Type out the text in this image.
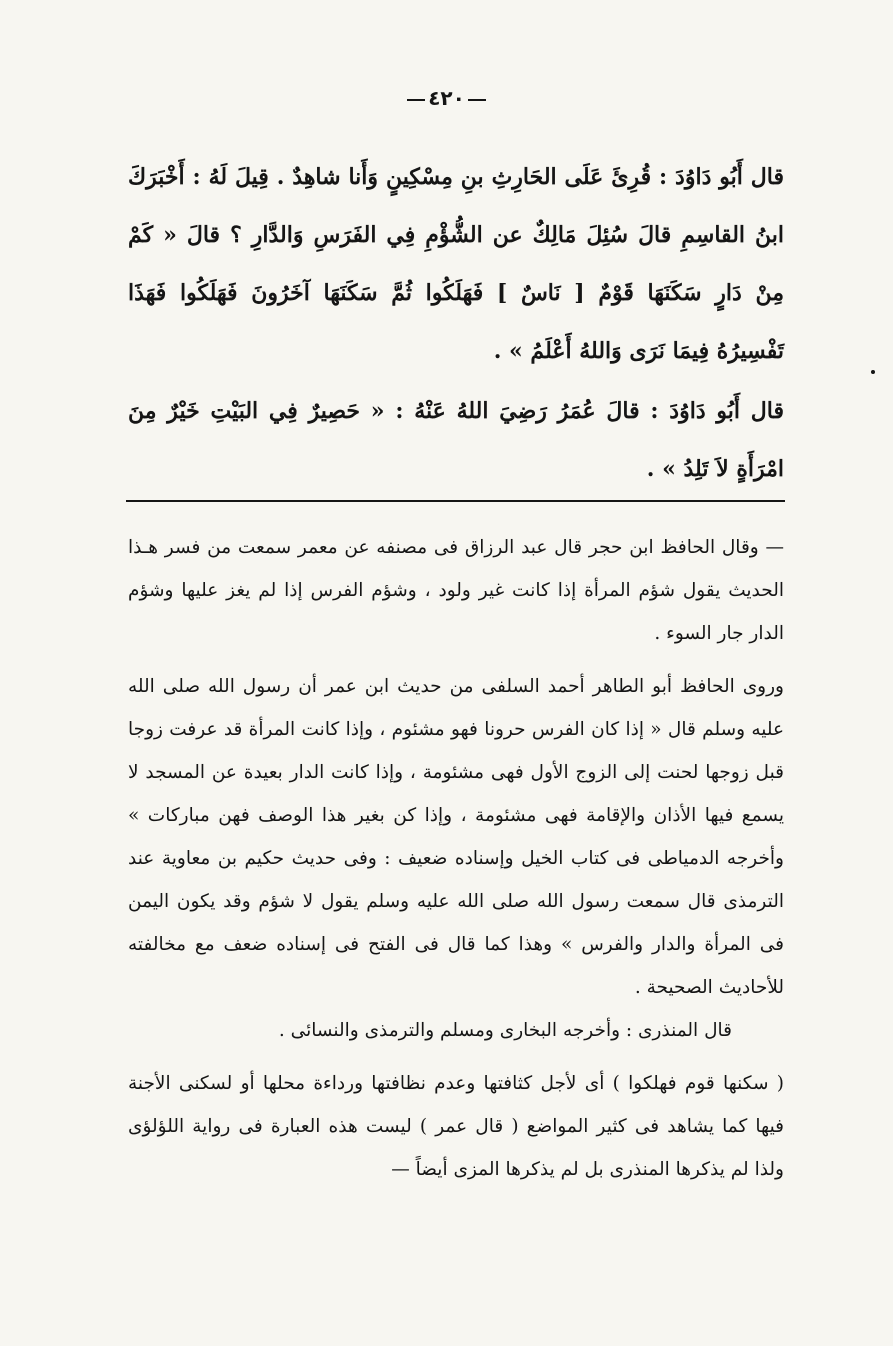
٤٢٠

قال أَبُو دَاوُدَ : قُرِئَ عَلَى الحَارِثِ بنِ مِسْكِينٍ وَأَنا شاهِدٌ . قِيلَ لَهُ : أَخْبَرَكَ ابنُ القاسِمِ قالَ سُئِلَ مَالِكٌ عن الشُّؤْمِ فِي الفَرَسِ وَالدَّارِ ؟ قالَ « كَمْ مِنْ دَارٍ سَكَنَهَا قَوْمٌ [ نَاسٌ ] فَهَلَكُوا ثُمَّ سَكَنَهَا آخَرُونَ فَهَلَكُوا فَهَذَا تَفْسِيرُهُ فِيمَا نَرَى وَاللهُ أَعْلَمُ » .

قال أَبُو دَاوُدَ : قالَ عُمَرُ رَضِيَ اللهُ عَنْهُ : « حَصِيرٌ فِي البَيْتِ خَيْرٌ مِنَ امْرَأَةٍ لاَ تَلِدُ » .

— وقال الحافظ ابن حجر قال عبد الرزاق فى مصنفه عن معمر سمعت من فسر هـذا الحديث يقول شؤم المرأة إذا كانت غير ولود ، وشؤم الفرس إذا لم يغز عليها وشؤم الدار جار السوء .

وروى الحافظ أبو الطاهر أحمد السلفى من حديث ابن عمر أن رسول الله صلى الله عليه وسلم قال « إذا كان الفرس حرونا فهو مشئوم ، وإذا كانت المرأة قد عرفت زوجا قبل زوجها لحنت إلى الزوج الأول فهى مشئومة ، وإذا كانت الدار بعيدة عن المسجد لا يسمع فيها الأذان والإقامة فهى مشئومة ، وإذا كن بغير هذا الوصف فهن مباركات » وأخرجه الدمياطى فى كتاب الخيل وإسناده ضعيف : وفى حديث حكيم بن معاوية عند الترمذى قال سمعت رسول الله صلى الله عليه وسلم يقول لا شؤم وقد يكون اليمن فى المرأة والدار والفرس » وهذا كما قال فى الفتح فى إسناده ضعف مع مخالفته للأحاديث الصحيحة .

قال المنذرى : وأخرجه البخارى ومسلم والترمذى والنسائى .

( سكنها قوم فهلكوا ) أى لأجل كثافتها وعدم نظافتها ورداءة محلها أو لسكنى الأجنة فيها كما يشاهد فى كثير المواضع ( قال عمر ) ليست هذه العبارة فى رواية اللؤلؤى ولذا لم يذكرها المنذرى بل لم يذكرها المزى أيضاً —
